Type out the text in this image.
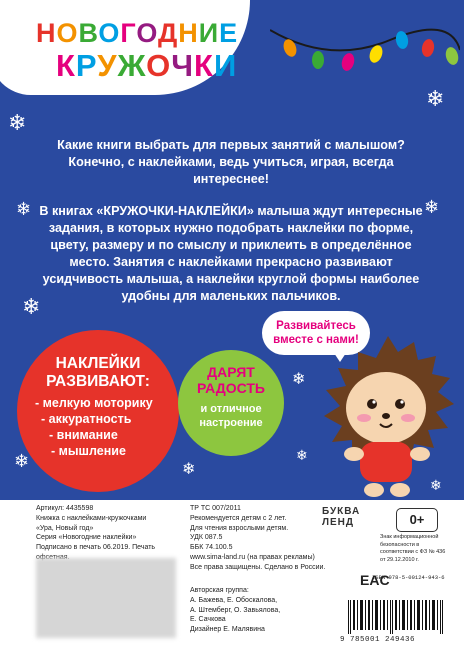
НОВОГОДНИЕ
КРУЖОЧКИ
❄
❄
❄	❄
❄
❄
❄
❄
❄
❄
Какие книги выбрать для первых занятий с малышом? Конечно, с наклейками, ведь учиться, играя, всегда интереснее!
В книгах «КРУЖОЧКИ-НАКЛЕЙКИ» малыша ждут интересные задания, в которых нужно подобрать наклейки по форме, цвету, размеру и по смыслу и приклеить в определённое место. Занятия с наклейками прекрасно развивают усидчивость малыша, а наклейки круглой формы наиболее удобны для маленьких пальчиков.
Развивайтесь вместе с нами!
НАКЛЕЙКИ РАЗВИВАЮТ:
- мелкую моторику
- аккуратность
- внимание
- мышление
ДАРЯТ РАДОСТЬ
и отличное настроение
Артикул: 4435598
Книжка с наклейками-кружочками
«Ура, Новый год»
Серия «Новогодние наклейки»
Подписано в печать 06.2019. Печать
ТР ТС 007/2011
Рекомендуется детям с 2 лет.
Для чтения взрослыми детям.
УДК 087.5
ББК 74.100.5
www.sima-land.ru (на правах рекламы)
Все права защищены. Сделано в России.
Авторская группа:
А. Бажева, Е. Обоскалова,
А. Штемберг, О. Завьялова,
Е. Сачкова
Дизайнер Е. Малявина
БУКВА ЛЕНД	0+
Знак информационной безопасности в соответствии с ФЗ № 436 от 29.12.2010 г.
EAC
ISBN 978-5-00124-943-6
9 785001 249436
